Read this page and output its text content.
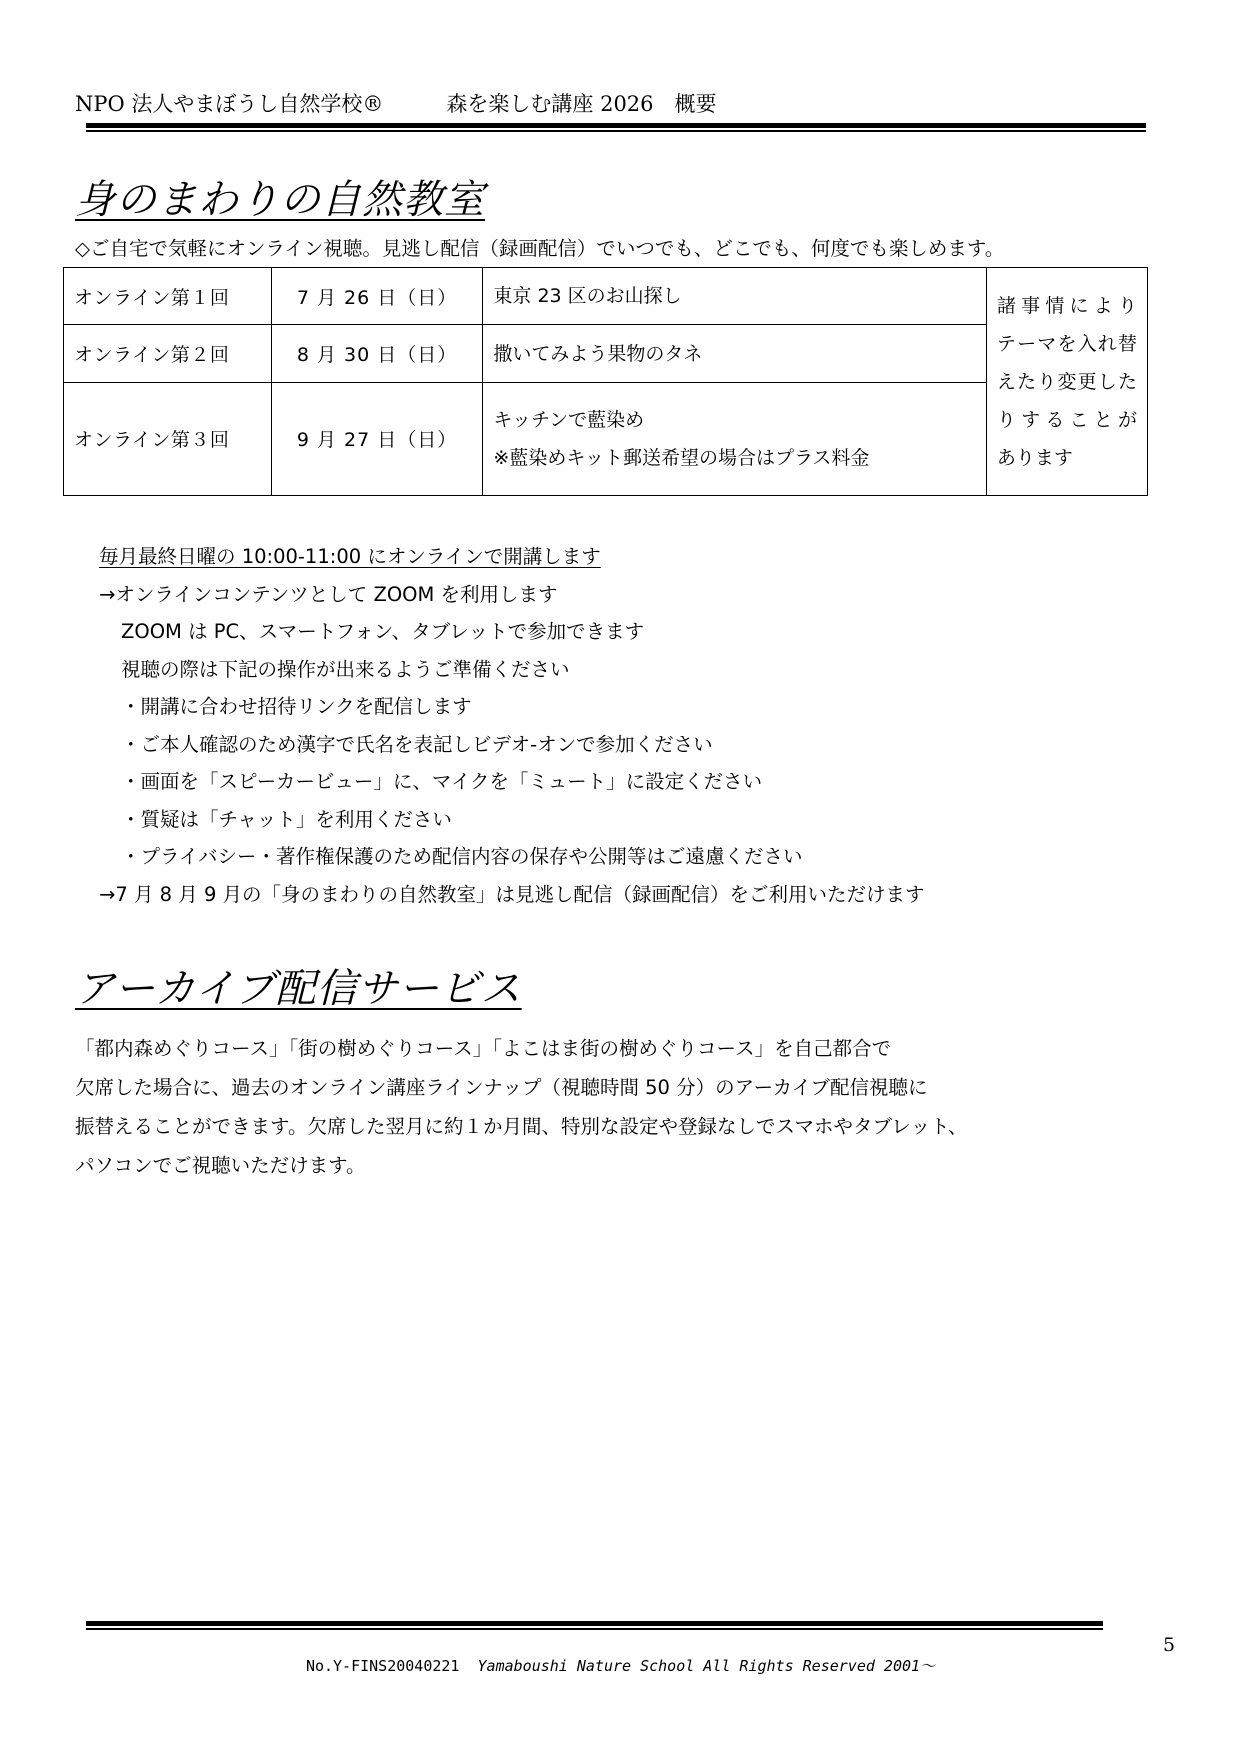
NPO 法人やまぼうし自然学校®　　　	森を楽しむ講座 2026　概要
身のまわりの自然教室
◇ご自宅で気軽にオンライン視聴。見逃し配信（録画配信）でいつでも、どこでも、何度でも楽しめます。
オンライン第１回	7 月 26 日（日）	東京 23 区のお山探し	諸事情により
テーマを入れ替
えたり変更した
りすることが
あります

オンライン第２回	8 月 30 日（日）	撒いてみよう果物のタネ	

オンライン第３回	9 月 27 日（日）	キッチンで藍染め
※藍染めキット郵送希望の場合はプラス料金	
毎月最終日曜の 10:00-11:00 にオンラインで開講します
→オンラインコンテンツとして ZOOM を利用します
ZOOM は PC、スマートフォン、タブレットで参加できます
視聴の際は下記の操作が出来るようご準備ください
・開講に合わせ招待リンクを配信します
・ご本人確認のため漢字で氏名を表記しビデオ-オンで参加ください
・画面を「スピーカービュー」に、マイクを「ミュート」に設定ください
・質疑は「チャット」を利用ください
・プライバシー・著作権保護のため配信内容の保存や公開等はご遠慮ください
→7 月 8 月 9 月の「身のまわりの自然教室」は見逃し配信（録画配信）をご利用いただけます
アーカイブ配信サービス
「都内森めぐりコース」「街の樹めぐりコース」「よこはま街の樹めぐりコース」を自己都合で
欠席した場合に、過去のオンライン講座ラインナップ（視聴時間 50 分）のアーカイブ配信視聴に
振替えることができます。欠席した翌月に約１か月間、特別な設定や登録なしでスマホやタブレット、
パソコンでご視聴いただけます。
5
No.Y-FINS20040221 Yamaboushi Nature School All Rights Reserved 2001～
